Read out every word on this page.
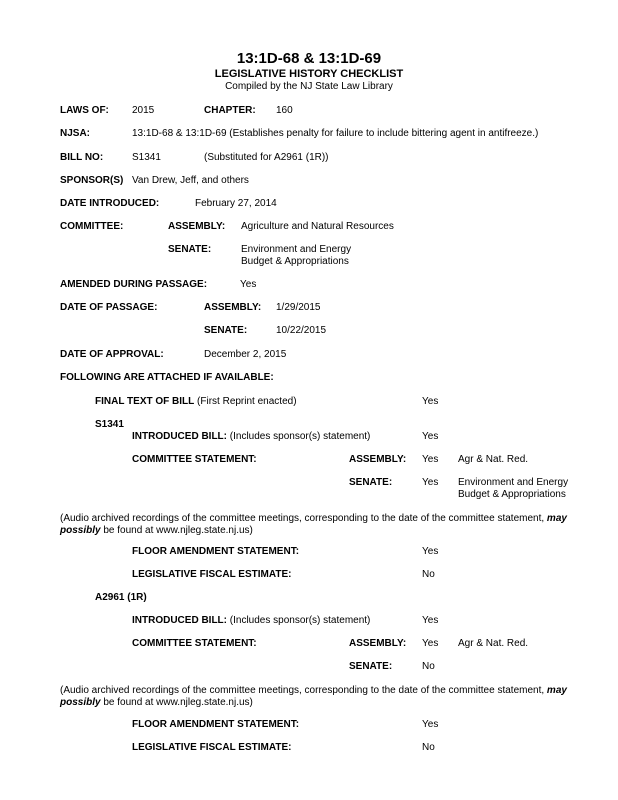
13:1D-68 & 13:1D-69
LEGISLATIVE HISTORY CHECKLIST
Compiled by the NJ State Law Library
LAWS OF: 2015	CHAPTER: 160
NJSA:	13:1D-68 & 13:1D-69 (Establishes penalty for failure to include bittering agent in antifreeze.)
BILL NO:	S1341	(Substituted for A2961 (1R))
SPONSOR(S) Van Drew, Jeff, and others
DATE INTRODUCED:	February 27, 2014
COMMITTEE:	ASSEMBLY: Agriculture and Natural Resources
SENATE:	Environment and Energy
Budget & Appropriations
AMENDED DURING PASSAGE:	Yes
DATE OF PASSAGE:	ASSEMBLY: 1/29/2015
SENATE:	10/22/2015
DATE OF APPROVAL:	December 2, 2015
FOLLOWING ARE ATTACHED IF AVAILABLE:
FINAL TEXT OF BILL (First Reprint enacted)	Yes
S1341
INTRODUCED BILL: (Includes sponsor(s) statement)	Yes
COMMITTEE STATEMENT:	ASSEMBLY: Yes Agr & Nat. Red.
SENATE:	Yes Environment and Energy
Budget & Appropriations
(Audio archived recordings of the committee meetings, corresponding to the date of the committee statement, may possibly be found at www.njleg.state.nj.us)
FLOOR AMENDMENT STATEMENT:	Yes
LEGISLATIVE FISCAL ESTIMATE:	No
A2961 (1R)
INTRODUCED BILL: (Includes sponsor(s) statement)	Yes
COMMITTEE STATEMENT:	ASSEMBLY: Yes Agr & Nat. Red.
SENATE:	No
(Audio archived recordings of the committee meetings, corresponding to the date of the committee statement, may possibly be found at www.njleg.state.nj.us)
FLOOR AMENDMENT STATEMENT:	Yes
LEGISLATIVE FISCAL ESTIMATE:	No
